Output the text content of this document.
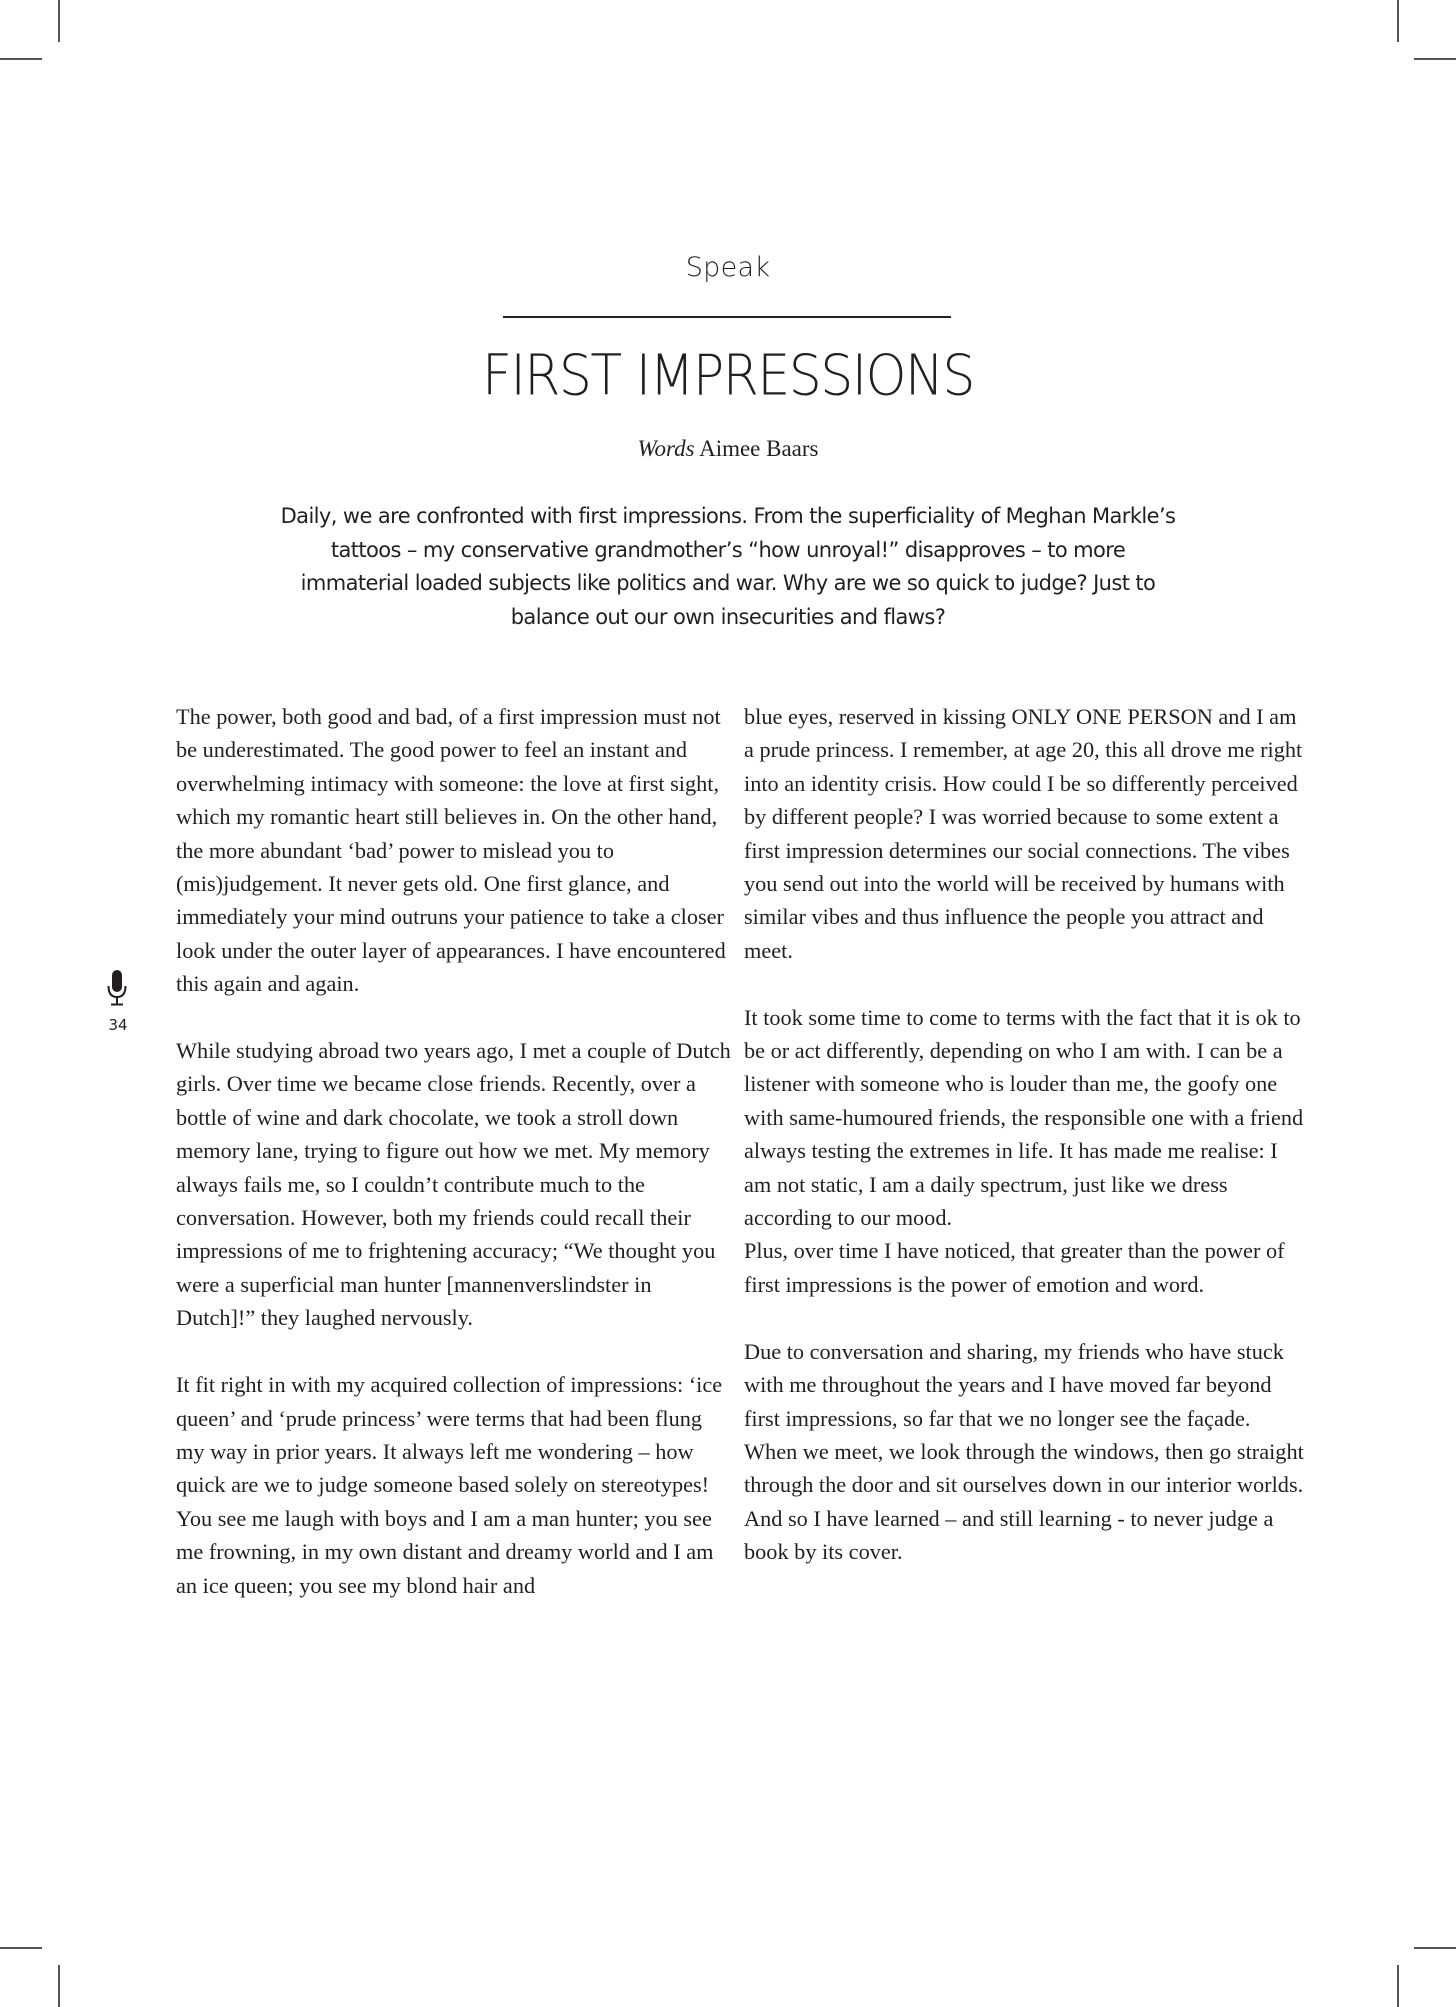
Speak
FIRST IMPRESSIONS
Words Aimee Baars
Daily, we are confronted with first impressions. From the superficiality of Meghan Markle’s tattoos – my conservative grandmother’s “how unroyal!” disapproves – to more immaterial loaded subjects like politics and war. Why are we so quick to judge? Just to balance out our own insecurities and flaws?
34

The power, both good and bad, of a first impression must not be underestimated. The good power to feel an instant and overwhelming intimacy with someone: the love at first sight, which my romantic heart still believes in. On the other hand, the more abundant ‘bad’ power to mislead you to (mis)judgement. It never gets old. One first glance, and immediately your mind outruns your patience to take a closer look under the outer layer of appearances. I have encountered this again and again.

While studying abroad two years ago, I met a couple of Dutch girls. Over time we became close friends. Recently, over a bottle of wine and dark chocolate, we took a stroll down memory lane, trying to figure out how we met. My memory always fails me, so I couldn’t contribute much to the conversation. However, both my friends could recall their impressions of me to frightening accuracy; “We thought you were a superficial man hunter [mannenverslindster in Dutch]!” they laughed nervously.

It fit right in with my acquired collection of impressions: ‘ice queen’ and ‘prude princess’ were terms that had been flung my way in prior years. It always left me wondering – how quick are we to judge someone based solely on stereotypes! You see me laugh with boys and I am a man hunter; you see me frowning, in my own distant and dreamy world and I am an ice queen; you see my blond hair and

blue eyes, reserved in kissing ONLY ONE PERSON and I am a prude princess. I remember, at age 20, this all drove me right into an identity crisis. How could I be so differently perceived by different people? I was worried because to some extent a first impression determines our social connections. The vibes you send out into the world will be received by humans with similar vibes and thus influence the people you attract and meet.

It took some time to come to terms with the fact that it is ok to be or act differently, depending on who I am with. I can be a listener with someone who is louder than me, the goofy one with same-humoured friends, the responsible one with a friend always testing the extremes in life. It has made me realise: I am not static, I am a daily spectrum, just like we dress according to our mood.

Plus, over time I have noticed, that greater than the power of first impressions is the power of emotion and word.

Due to conversation and sharing, my friends who have stuck with me throughout the years and I have moved far beyond first impressions, so far that we no longer see the façade. When we meet, we look through the windows, then go straight through the door and sit ourselves down in our interior worlds. And so I have learned – and still learning - to never judge a book by its cover.
